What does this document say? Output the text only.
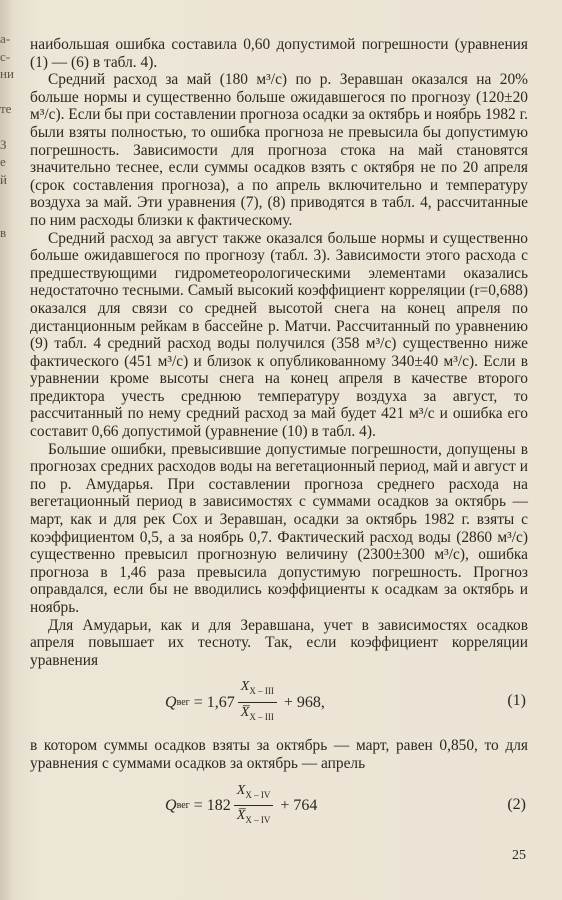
а-
с-
ни
те
З
е
й
в

наибольшая ошибка составила 0,60 допустимой погрешности (уравнения (1) — (6) в табл. 4).

Средний расход за май (180 м³/с) по р. Зеравшан оказался на 20% больше нормы и существенно больше ожидавшегося по прогнозу (120±20 м³/с). Если бы при составлении прогноза осадки за октябрь и ноябрь 1982 г. были взяты полностью, то ошибка прогноза не превысила бы допустимую погрешность. Зависимости для прогноза стока на май становятся значительно теснее, если суммы осадков взять с октября не по 20 апреля (срок составления прогноза), а по апрель включительно и температуру воздуха за май. Эти уравнения (7), (8) приводятся в табл. 4, рассчитанные по ним расходы близки к фактическому.

Средний расход за август также оказался больше нормы и существенно больше ожидавшегося по прогнозу (табл. 3). Зависимости этого расхода с предшествующими гидрометеорологическими элементами оказались недостаточно тесными. Самый высокий коэффициент корреляции (r=0,688) оказался для связи со средней высотой снега на конец апреля по дистанционным рейкам в бассейне р. Матчи. Рассчитанный по уравнению (9) табл. 4 средний расход воды получился (358 м³/с) существенно ниже фактического (451 м³/с) и близок к опубликованному 340±40 м³/с). Если в уравнении кроме высоты снега на конец апреля в качестве второго предиктора учесть среднюю температуру воздуха за август, то рассчитанный по нему средний расход за май будет 421 м³/с и ошибка его составит 0,66 допустимой (уравнение (10) в табл. 4).

Большие ошибки, превысившие допустимые погрешности, допущены в прогнозах средних расходов воды на вегетационный период, май и август и по р. Амударья. При составлении прогноза среднего расхода на вегетационный период в зависимостях с суммами осадков за октябрь — март, как и для рек Сох и Зеравшан, осадки за октябрь 1982 г. взяты с коэффициентом 0,5, а за ноябрь 0,7. Фактический расход воды (2860 м³/с) существенно превысил прогнозную величину (2300±300 м³/с), ошибка прогноза в 1,46 раза превысила допустимую погрешность. Прогноз оправдался, если бы не вводились коэффициенты к осадкам за октябрь и ноябрь.

Для Амударьи, как и для Зеравшана, учет в зависимостях осадков апреля повышает их тесноту. Так, если коэффициент корреляции уравнения

Q вег = $1,67 \frac{X_{X - III}}{X̅_{X - III}} + 968$,	(1)

в котором суммы осадков взяты за октябрь — март, равен 0,850, то для уравнения с суммами осадков за октябрь — апрель

Q вег = $182 \frac{X_{X - IV}}{X̅_{X - IV}} + 764$	(2)
25
